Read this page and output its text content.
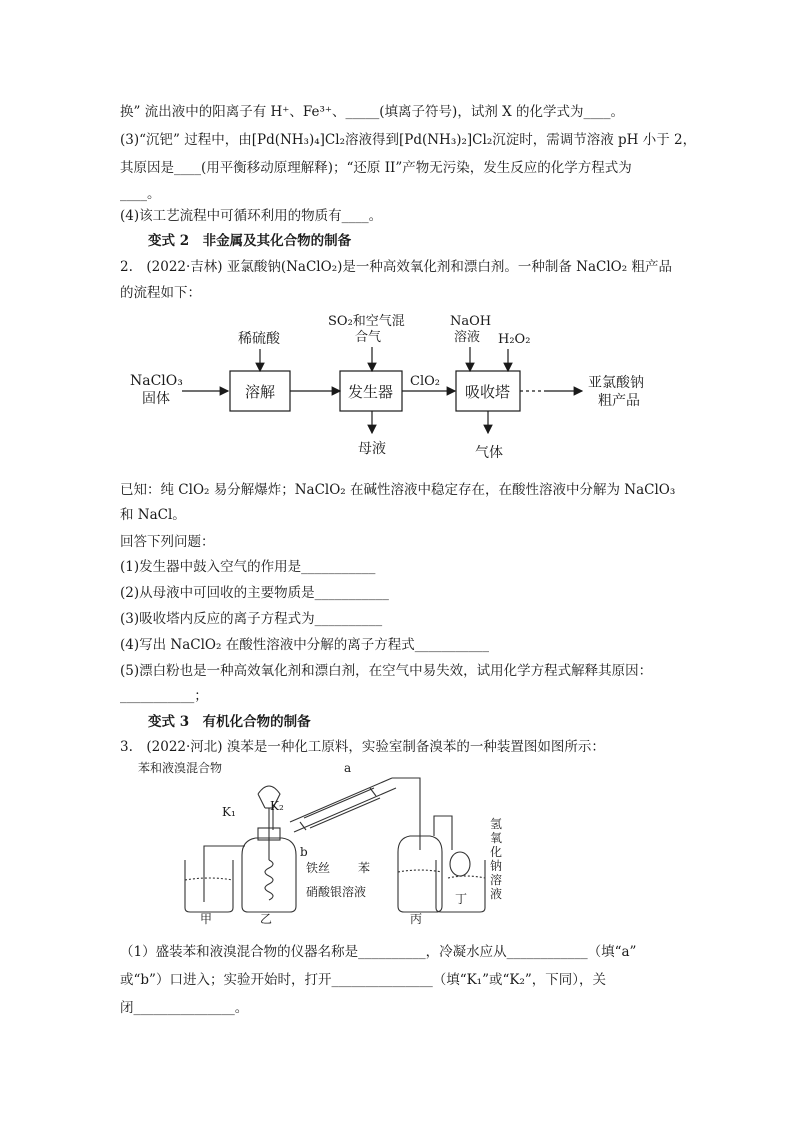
换” 流出液中的阳离子有 H⁺、Fe³⁺、_____(填离子符号)，试剂 X 的化学式为____。
(3)“沉钯” 过程中，由[Pd(NH₃)₄]Cl₂溶液得到[Pd(NH₃)₂]Cl₂沉淀时，需调节溶液 pH 小于 2，
其原因是____(用平衡移动原理解释)；“还原 II”产物无污染，发生反应的化学方程式为
____。
(4)该工艺流程中可循环利用的物质有____。
变式 2　非金属及其化合物的制备
2.　(2022·吉林) 亚氯酸钠(NaClO₂)是一种高效氧化剂和漂白剂。一种制备 NaClO₂ 粗产品
的流程如下：
NaClO₃
固体
稀硫酸
溶解
SO₂和空气混
合气
发生器
母液
ClO₂
NaOH
溶液 H₂O₂
吸收塔
气体
亚氯酸钠
粗产品
已知：纯 ClO₂ 易分解爆炸；NaClO₂ 在碱性溶液中稳定存在，在酸性溶液中分解为 NaClO₃
和 NaCl。
回答下列问题：
(1)发生器中鼓入空气的作用是___________
(2)从母液中可回收的主要物质是___________
(3)吸收塔内反应的离子方程式为__________
(4)写出 NaClO₂ 在酸性溶液中分解的离子方程式___________
(5)漂白粉也是一种高效氧化剂和漂白剂，在空气中易失效，试用化学方程式解释其原因：
___________；
变式 3　有机化合物的制备
3.　(2022·河北) 溴苯是一种化工原料，实验室制备溴苯的一种装置图如图所示：
苯和液溴混合物
K₁	K₂
a
b
铁丝 苯
硝酸银溶液
甲	乙	丙
丁
氢
氧
化
钠
溶
液
（1）盛装苯和液溴混合物的仪器名称是__________，冷凝水应从____________（填“a”
或“b”）口进入；实验开始时，打开_______________（填“K₁”或“K₂”，下同），关
闭_______________。
